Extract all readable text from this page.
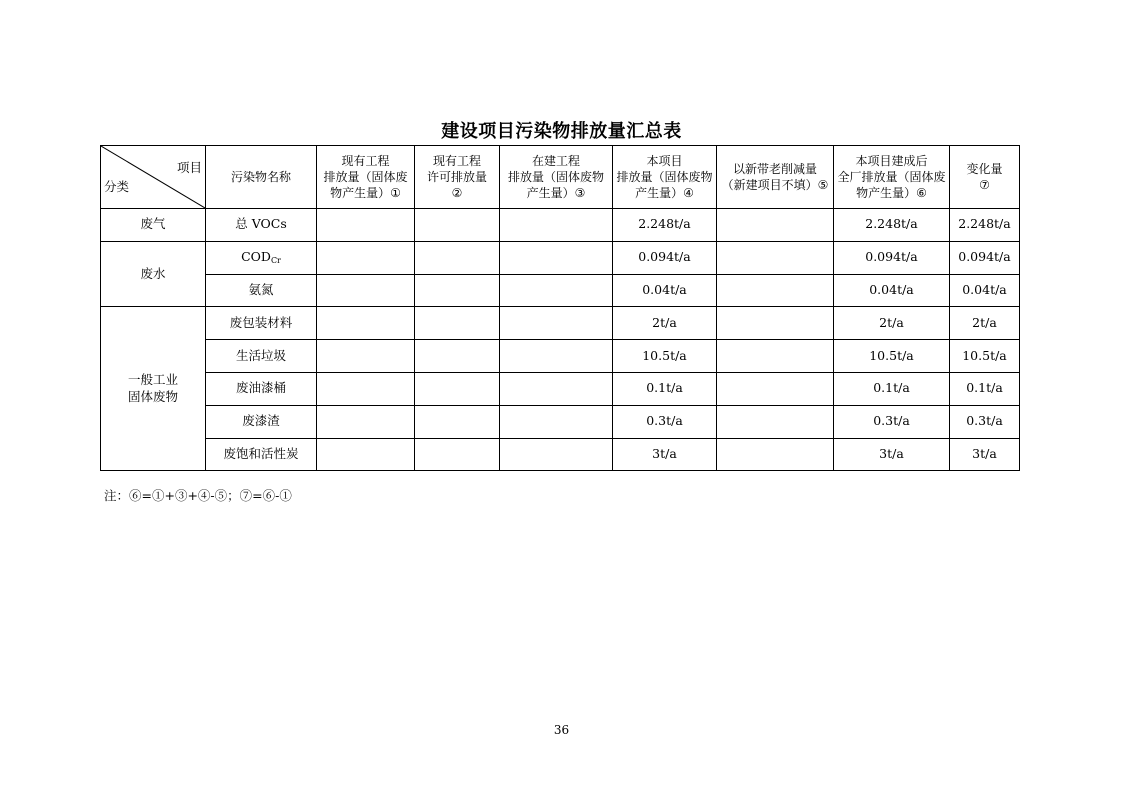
建设项目污染物排放量汇总表
项目
分类	污染物名称	现有工程
排放量（固体废
物产生量）①	现有工程
许可排放量
②	在建工程
排放量（固体废物
产生量）③	本项目
排放量（固体废物
产生量）④	以新带老削减量
（新建项目不填）⑤	本项目建成后
全厂排放量（固体废
物产生量）⑥	变化量
⑦

废气	总 VOCs				2.248t/a		2.248t/a	2.248t/a
废水	$COD_{Cr}$				0.094t/a		0.094t/a	0.094t/a
	氨氮				0.04t/a		0.04t/a	0.04t/a

一般工业
固体废物	废包装材料				2t/a		2t/a	2t/a
	生活垃圾				10.5t/a		10.5t/a	10.5t/a
	废油漆桶				0.1t/a		0.1t/a	0.1t/a
	废漆渣				0.3t/a		0.3t/a	0.3t/a
	废饱和活性炭				3t/a		3t/a	3t/a
注：⑥=①+③+④-⑤；⑦=⑥-①
36
